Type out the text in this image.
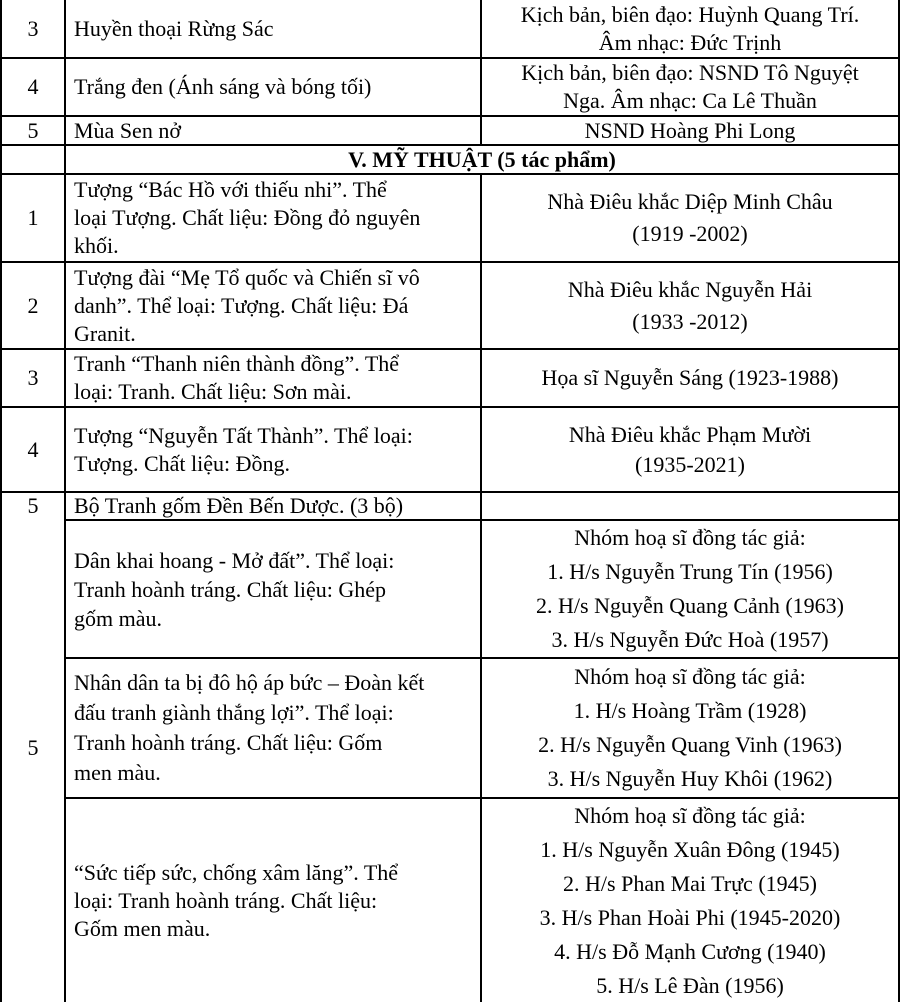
3 Huyền thoại Rừng Sác

Kịch bản, biên đạo: Huỳnh Quang Trí.

Âm nhạc: Đức Trịnh

4 Trắng đen (Ánh sáng và bóng tối)

Kịch bản, biên đạo: NSND Tô Nguyệt

Nga. Âm nhạc: Ca Lê Thuần

5 Mùa Sen nở	NSND Hoàng Phi Long
V. MỸ THUẬT (5 tác phẩm)
1

Tượng “Bác Hồ với thiếu nhi”. Thể

loại Tượng. Chất liệu: Đồng đỏ nguyên

khối.

Nhà Điêu khắc Diệp Minh Châu

(1919 -2002)

2

Tượng đài “Mẹ Tổ quốc và Chiến sĩ vô

danh”. Thể loại: Tượng. Chất liệu: Đá

Granit.

Nhà Điêu khắc Nguyễn Hải

(1933 -2012)

3

Tranh “Thanh niên thành đồng”. Thể

loại: Tranh. Chất liệu: Sơn mài.

Họa sĩ Nguyễn Sáng (1923-1988)
4

Tượng “Nguyễn Tất Thành”. Thể loại:

Tượng. Chất liệu: Đồng.

Nhà Điêu khắc Phạm Mười

(1935-2021)

5
5
Bộ Tranh gốm Đền Bến Dược. (3 bộ)

Dân khai hoang - Mở đất”. Thể loại:

Tranh hoành tráng. Chất liệu: Ghép

gốm màu.

Nhóm hoạ sĩ đồng tác giả:

1. H/s Nguyễn Trung Tín (1956)

2. H/s Nguyễn Quang Cảnh (1963)

3. H/s Nguyễn Đức Hoà (1957)

Nhân dân ta bị đô hộ áp bức – Đoàn kết

đấu tranh giành thắng lợi”. Thể loại:

Tranh hoành tráng. Chất liệu: Gốm

men màu.

Nhóm hoạ sĩ đồng tác giả:

1. H/s Hoàng Trầm (1928)

2. H/s Nguyễn Quang Vinh (1963)

3. H/s Nguyễn Huy Khôi (1962)

“Sức tiếp sức, chống xâm lăng”. Thể

loại: Tranh hoành tráng. Chất liệu:

Gốm men màu.

Nhóm hoạ sĩ đồng tác giả:

1. H/s Nguyễn Xuân Đông (1945)

2. H/s Phan Mai Trực (1945)

3. H/s Phan Hoài Phi (1945-2020)

4. H/s Đỗ Mạnh Cương (1940)

5. H/s Lê Đàn (1956)
